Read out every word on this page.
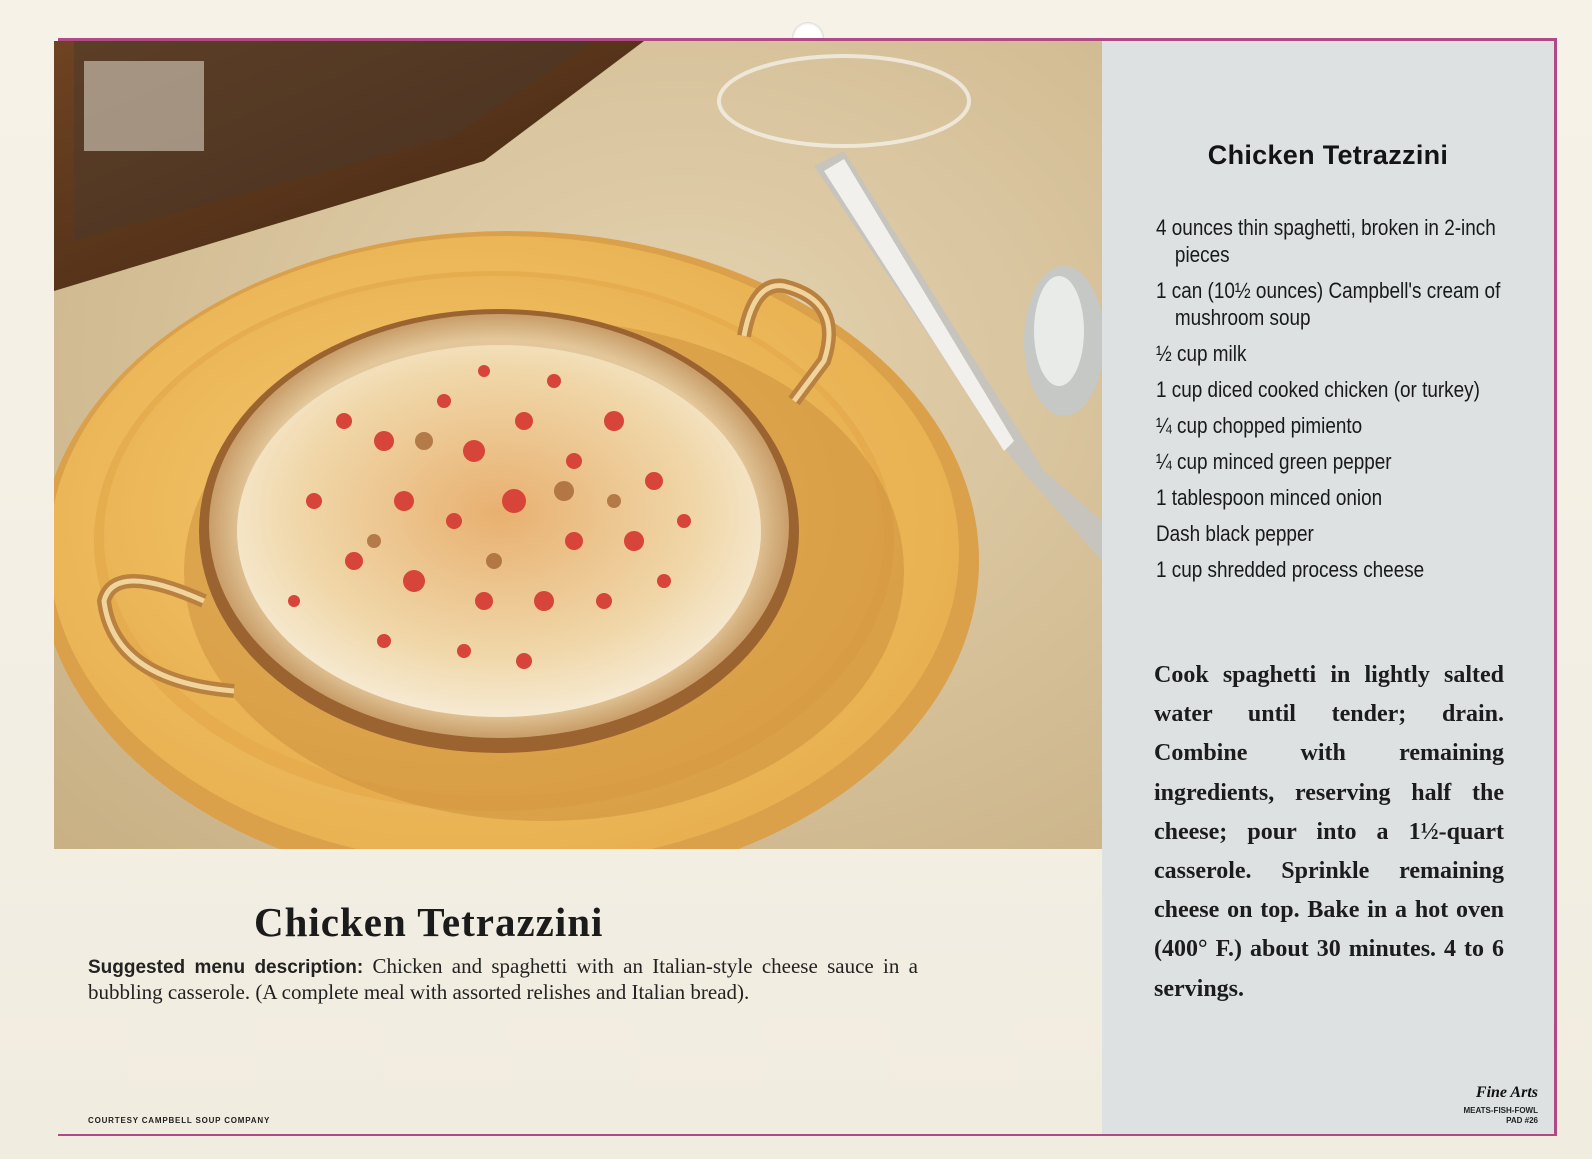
Chicken Tetrazzini
4 ounces thin spaghetti, broken in 2-inch pieces
1 can (10½ ounces) Campbell's cream of mushroom soup
½ cup milk
1 cup diced cooked chicken (or turkey)
¼ cup chopped pimiento
¼ cup minced green pepper
1 tablespoon minced onion
Dash black pepper
1 cup shredded process cheese

Cook spaghetti in lightly salted water until tender; drain. Combine with remaining ingredients, reserving half the cheese; pour into a 1½-quart casserole. Sprinkle remaining cheese on top. Bake in a hot oven (400° F.) about 30 minutes. 4 to 6 servings.

Fine Arts
MEATS-FISH-FOWL
PAD #26
Chicken Tetrazzini

Suggested menu description: Chicken and spaghetti with an Italian-style cheese sauce in a bubbling casserole. (A complete meal with assorted relishes and Italian bread).

COURTESY CAMPBELL SOUP COMPANY
